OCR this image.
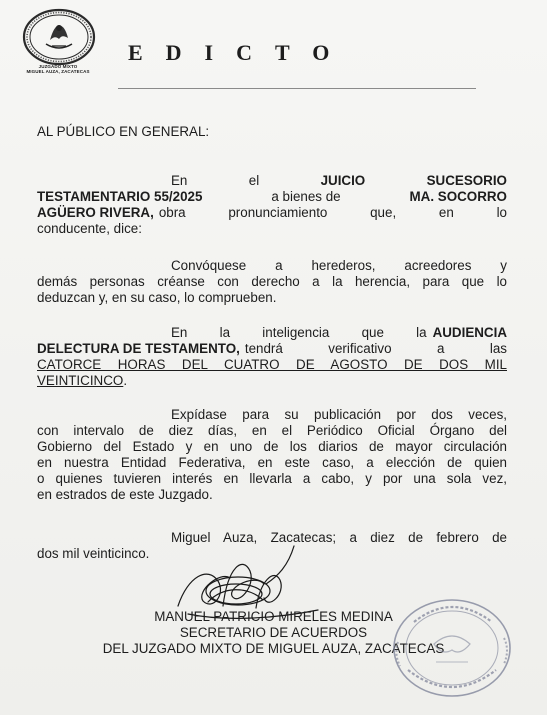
JUZGADO MIXTO
MIGUEL AUZA, ZACATECAS
EDICTO
AL PÚBLICO EN GENERAL:
En	el	JUICIO	SUCESORIO
TESTAMENTARIO 55/2025	a bienes de	MA. SOCORRO
AGÜERO RIVERA, obra pronunciamiento que, en lo
conducente, dice:
Convóquese a herederos, acreedores y
demás personas créanse con derecho a la herencia, para que lo
deduzcan y, en su caso, lo comprueben.
En la inteligencia que la AUDIENCIA
DELECTURA DE TESTAMENTO, tendrá verificativo a las
CATORCE HORAS DEL CUATRO DE AGOSTO DE DOS MIL
VEINTICINCO.
Expídase para su publicación por dos veces,
con intervalo de diez días, en el Periódico Oficial Órgano del
Gobierno del Estado y en uno de los diarios de mayor circulación
en nuestra Entidad Federativa, en este caso, a elección de quien
o quienes tuvieren interés en llevarla a cabo, y por una sola vez,
en estrados de este Juzgado.
Miguel Auza, Zacatecas; a diez de febrero de
dos mil veinticinco.
MANUEL PATRICIO MIRELES MEDINA
SECRETARIO DE ACUERDOS
DEL JUZGADO MIXTO DE MIGUEL AUZA, ZACATECAS
